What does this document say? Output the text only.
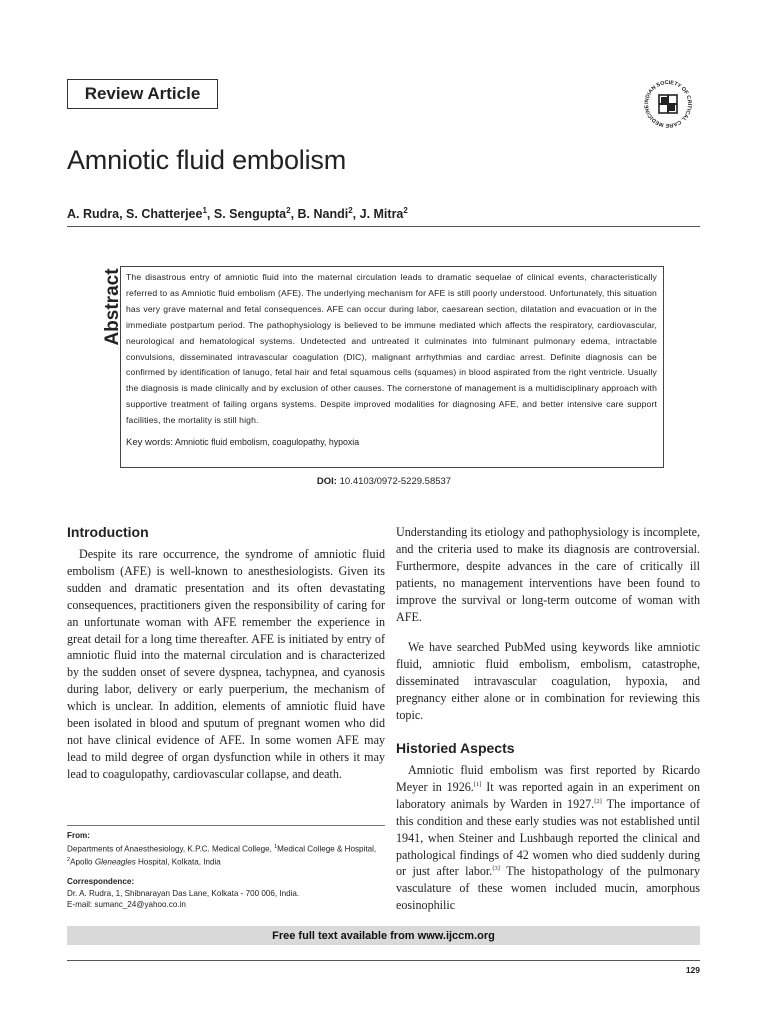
Review Article
INDIAN SOCIETY OF CRITICAL CARE MEDICINE
Amniotic fluid embolism
A. Rudra, S. Chatterjee$^1$, S. Sengupta$^2$, B. Nandi$^2$, J. Mitra$^2$
Abstract The disastrous entry of amniotic fluid into the maternal circulation leads to dramatic sequelae of clinical events, characteristically referred to as Amniotic fluid embolism (AFE). The underlying mechanism for AFE is still poorly understood. Unfortunately, this situation has very grave maternal and fetal consequences. AFE can occur during labor, caesarean section, dilatation and evacuation or in the immediate postpartum period. The pathophysiology is believed to be immune mediated which affects the respiratory, cardiovascular, neurological and hematological systems. Undetected and untreated it culminates into fulminant pulmonary edema, intractable convulsions, disseminated intravascular coagulation (DIC), malignant arrhythmias and cardiac arrest. Definite diagnosis can be confirmed by identification of lanugo, fetal hair and fetal squamous cells (squames) in blood aspirated from the right ventricle. Usually the diagnosis is made clinically and by exclusion of other causes. The cornerstone of management is a multidisciplinary approach with supportive treatment of failing organs systems. Despite improved modalities for diagnosing AFE, and better intensive care support facilities, the mortality is still high.

Key words: Amniotic fluid embolism, coagulopathy, hypoxia

DOI: 10.4103/0972-5229.58537
Introduction

Despite its rare occurrence, the syndrome of amniotic fluid embolism (AFE) is well-known to anesthesiologists. Given its sudden and dramatic presentation and its often devastating consequences, practitioners given the responsibility of caring for an unfortunate woman with AFE remember the experience in great detail for a long time thereafter. AFE is initiated by entry of amniotic fluid into the maternal circulation and is characterized by the sudden onset of severe dyspnea, tachypnea, and cyanosis during labor, delivery or early puerperium, the mechanism of which is unclear. In addition, elements of amniotic fluid have been isolated in blood and sputum of pregnant women who did not have clinical evidence of AFE. In some women AFE may lead to mild degree of organ dysfunction while in others it may lead to coagulopathy, cardiovascular collapse, and death.

From:
Departments of Anaesthesiology, K.P.C. Medical College, $^1$Medical College & Hospital, $^2$Apollo Gleneagles Hospital, Kolkata, India
Correspondence:
Dr. A. Rudra, 1, Shibnarayan Das Lane, Kolkata - 700 006, India.
E-mail: sumanc_24@yahoo.co.in

Understanding its etiology and pathophysiology is incomplete, and the criteria used to make its diagnosis are controversial. Furthermore, despite advances in the care of critically ill patients, no management interventions have been found to improve the survival or long-term outcome of woman with AFE.

We have searched PubMed using keywords like amniotic fluid, amniotic fluid embolism, embolism, catastrophe, disseminated intravascular coagulation, hypoxia, and pregnancy either alone or in combination for reviewing this topic.

Historied Aspects

Amniotic fluid embolism was first reported by Ricardo Meyer in 1926.[1] It was reported again in an experiment on laboratory animals by Warden in 1927.[2] The importance of this condition and these early studies was not established until 1941, when Steiner and Lushbaugh reported the clinical and pathological findings of 42 women who died suddenly during or just after labor.[3] The histopathology of the pulmonary vasculature of these women included mucin, amorphous eosinophilic

Free full text available from www.ijccm.org
129
